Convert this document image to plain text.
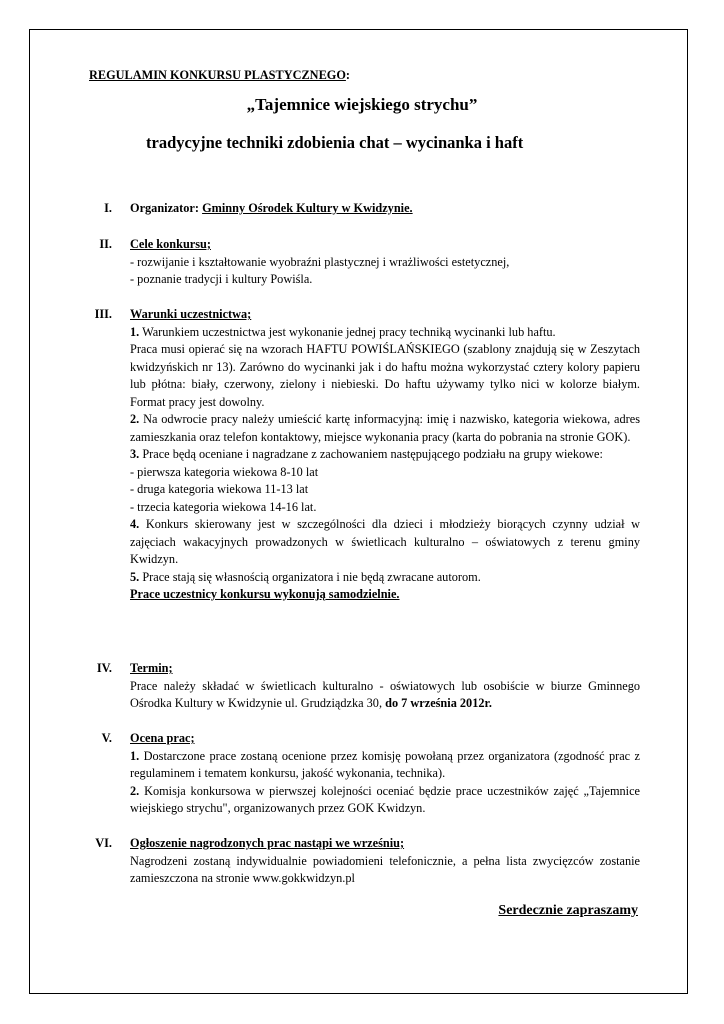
REGULAMIN KONKURSU PLASTYCZNEGO:
„Tajemnice wiejskiego strychu”
tradycyjne techniki zdobienia chat – wycinanka i haft
I. Organizator: Gminny Ośrodek Kultury w Kwidzynie.

II. Cele konkursu;

- rozwijanie i kształtowanie wyobraźni plastycznej i wrażliwości estetycznej,

- poznanie tradycji i kultury Powiśla.

III. Warunki uczestnictwa;

1. Warunkiem uczestnictwa jest wykonanie jednej pracy techniką wycinanki lub haftu.

Praca musi opierać się na wzorach HAFTU POWIŚLAŃSKIEGO (szablony znajdują się w Zeszytach kwidzyńskich nr 13). Zarówno do wycinanki jak i do haftu można wykorzystać cztery kolory papieru lub płótna: biały, czerwony, zielony i niebieski. Do haftu używamy tylko nici w kolorze białym. Format pracy jest dowolny.

2. Na odwrocie pracy należy umieścić kartę informacyjną: imię i nazwisko, kategoria wiekowa, adres zamieszkania oraz telefon kontaktowy, miejsce wykonania pracy (karta do pobrania na stronie GOK).

3. Prace będą oceniane i nagradzane z zachowaniem następującego podziału na grupy wiekowe:

- pierwsza kategoria wiekowa 8-10 lat

- druga kategoria wiekowa 11-13 lat

- trzecia kategoria wiekowa 14-16 lat.

4. Konkurs skierowany jest w szczególności dla dzieci i młodzieży biorących czynny udział w zajęciach wakacyjnych prowadzonych w świetlicach kulturalno – oświatowych z terenu gminy Kwidzyn.

5. Prace stają się własnością organizatora i nie będą zwracane autorom.

Prace uczestnicy konkursu wykonują samodzielnie.

IV. Termin;

Prace należy składać w świetlicach kulturalno - oświatowych lub osobiście w biurze Gminnego Ośrodka Kultury w Kwidzynie ul. Grudziądzka 30, do 7 września 2012r.

V. Ocena prac;

1. Dostarczone prace zostaną ocenione przez komisję powołaną przez organizatora (zgodność prac z regulaminem i tematem konkursu, jakość wykonania, technika).

2. Komisja konkursowa w pierwszej kolejności oceniać będzie prace uczestników zajęć „Tajemnice wiejskiego strychu", organizowanych przez GOK Kwidzyn.

VI. Ogłoszenie nagrodzonych prac nastąpi we wrześniu;

Nagrodzeni zostaną indywidualnie powiadomieni telefonicznie, a pełna lista zwycięzców zostanie zamieszczona na stronie www.gokkwidzyn.pl

Serdecznie zapraszamy
